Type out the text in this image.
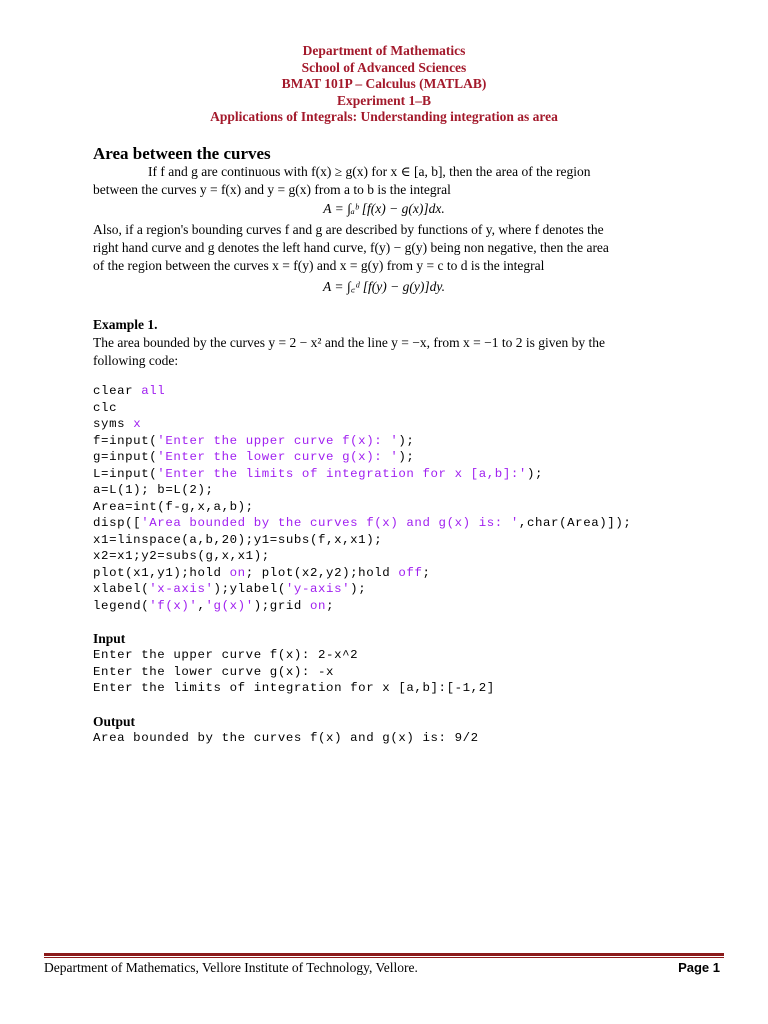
Department of Mathematics
School of Advanced Sciences
BMAT 101P – Calculus (MATLAB)
Experiment 1–B
Applications of Integrals: Understanding integration as area
Area between the curves
If f and g are continuous with f(x) ≥ g(x) for x ∈ [a, b], then the area of the region
between the curves y = f(x) and y = g(x) from a to b is the integral
A = ∫ₐᵇ [f(x) − g(x)]dx.
Also, if a region's bounding curves f and g are described by functions of y, where f denotes the
right hand curve and g denotes the left hand curve, f(y) − g(y) being non negative, then the area
of the region between the curves x = f(y) and x = g(y) from y = c to d is the integral
A = ∫꜀ᵈ [f(y) − g(y)]dy.
Example 1.
The area bounded by the curves y = 2 − x² and the line y = −x, from x = −1 to 2 is given by the
following code:
clear all
clc
syms x
f=input('Enter the upper curve f(x): ');
g=input('Enter the lower curve g(x): ');
L=input('Enter the limits of integration for x [a,b]:');
a=L(1); b=L(2);
Area=int(f-g,x,a,b);
disp(['Area bounded by the curves f(x) and g(x) is: ',char(Area)]);
x1=linspace(a,b,20);y1=subs(f,x,x1);
x2=x1;y2=subs(g,x,x1);
plot(x1,y1);hold on; plot(x2,y2);hold off;
xlabel('x-axis');ylabel('y-axis');
legend('f(x)','g(x)');grid on;
Input
Enter the upper curve f(x): 2-x^2
Enter the lower curve g(x): -x
Enter the limits of integration for x [a,b]:[-1,2]
Output
Area bounded by the curves f(x) and g(x) is: 9/2
Department of Mathematics, Vellore Institute of Technology, Vellore.	Page 1
